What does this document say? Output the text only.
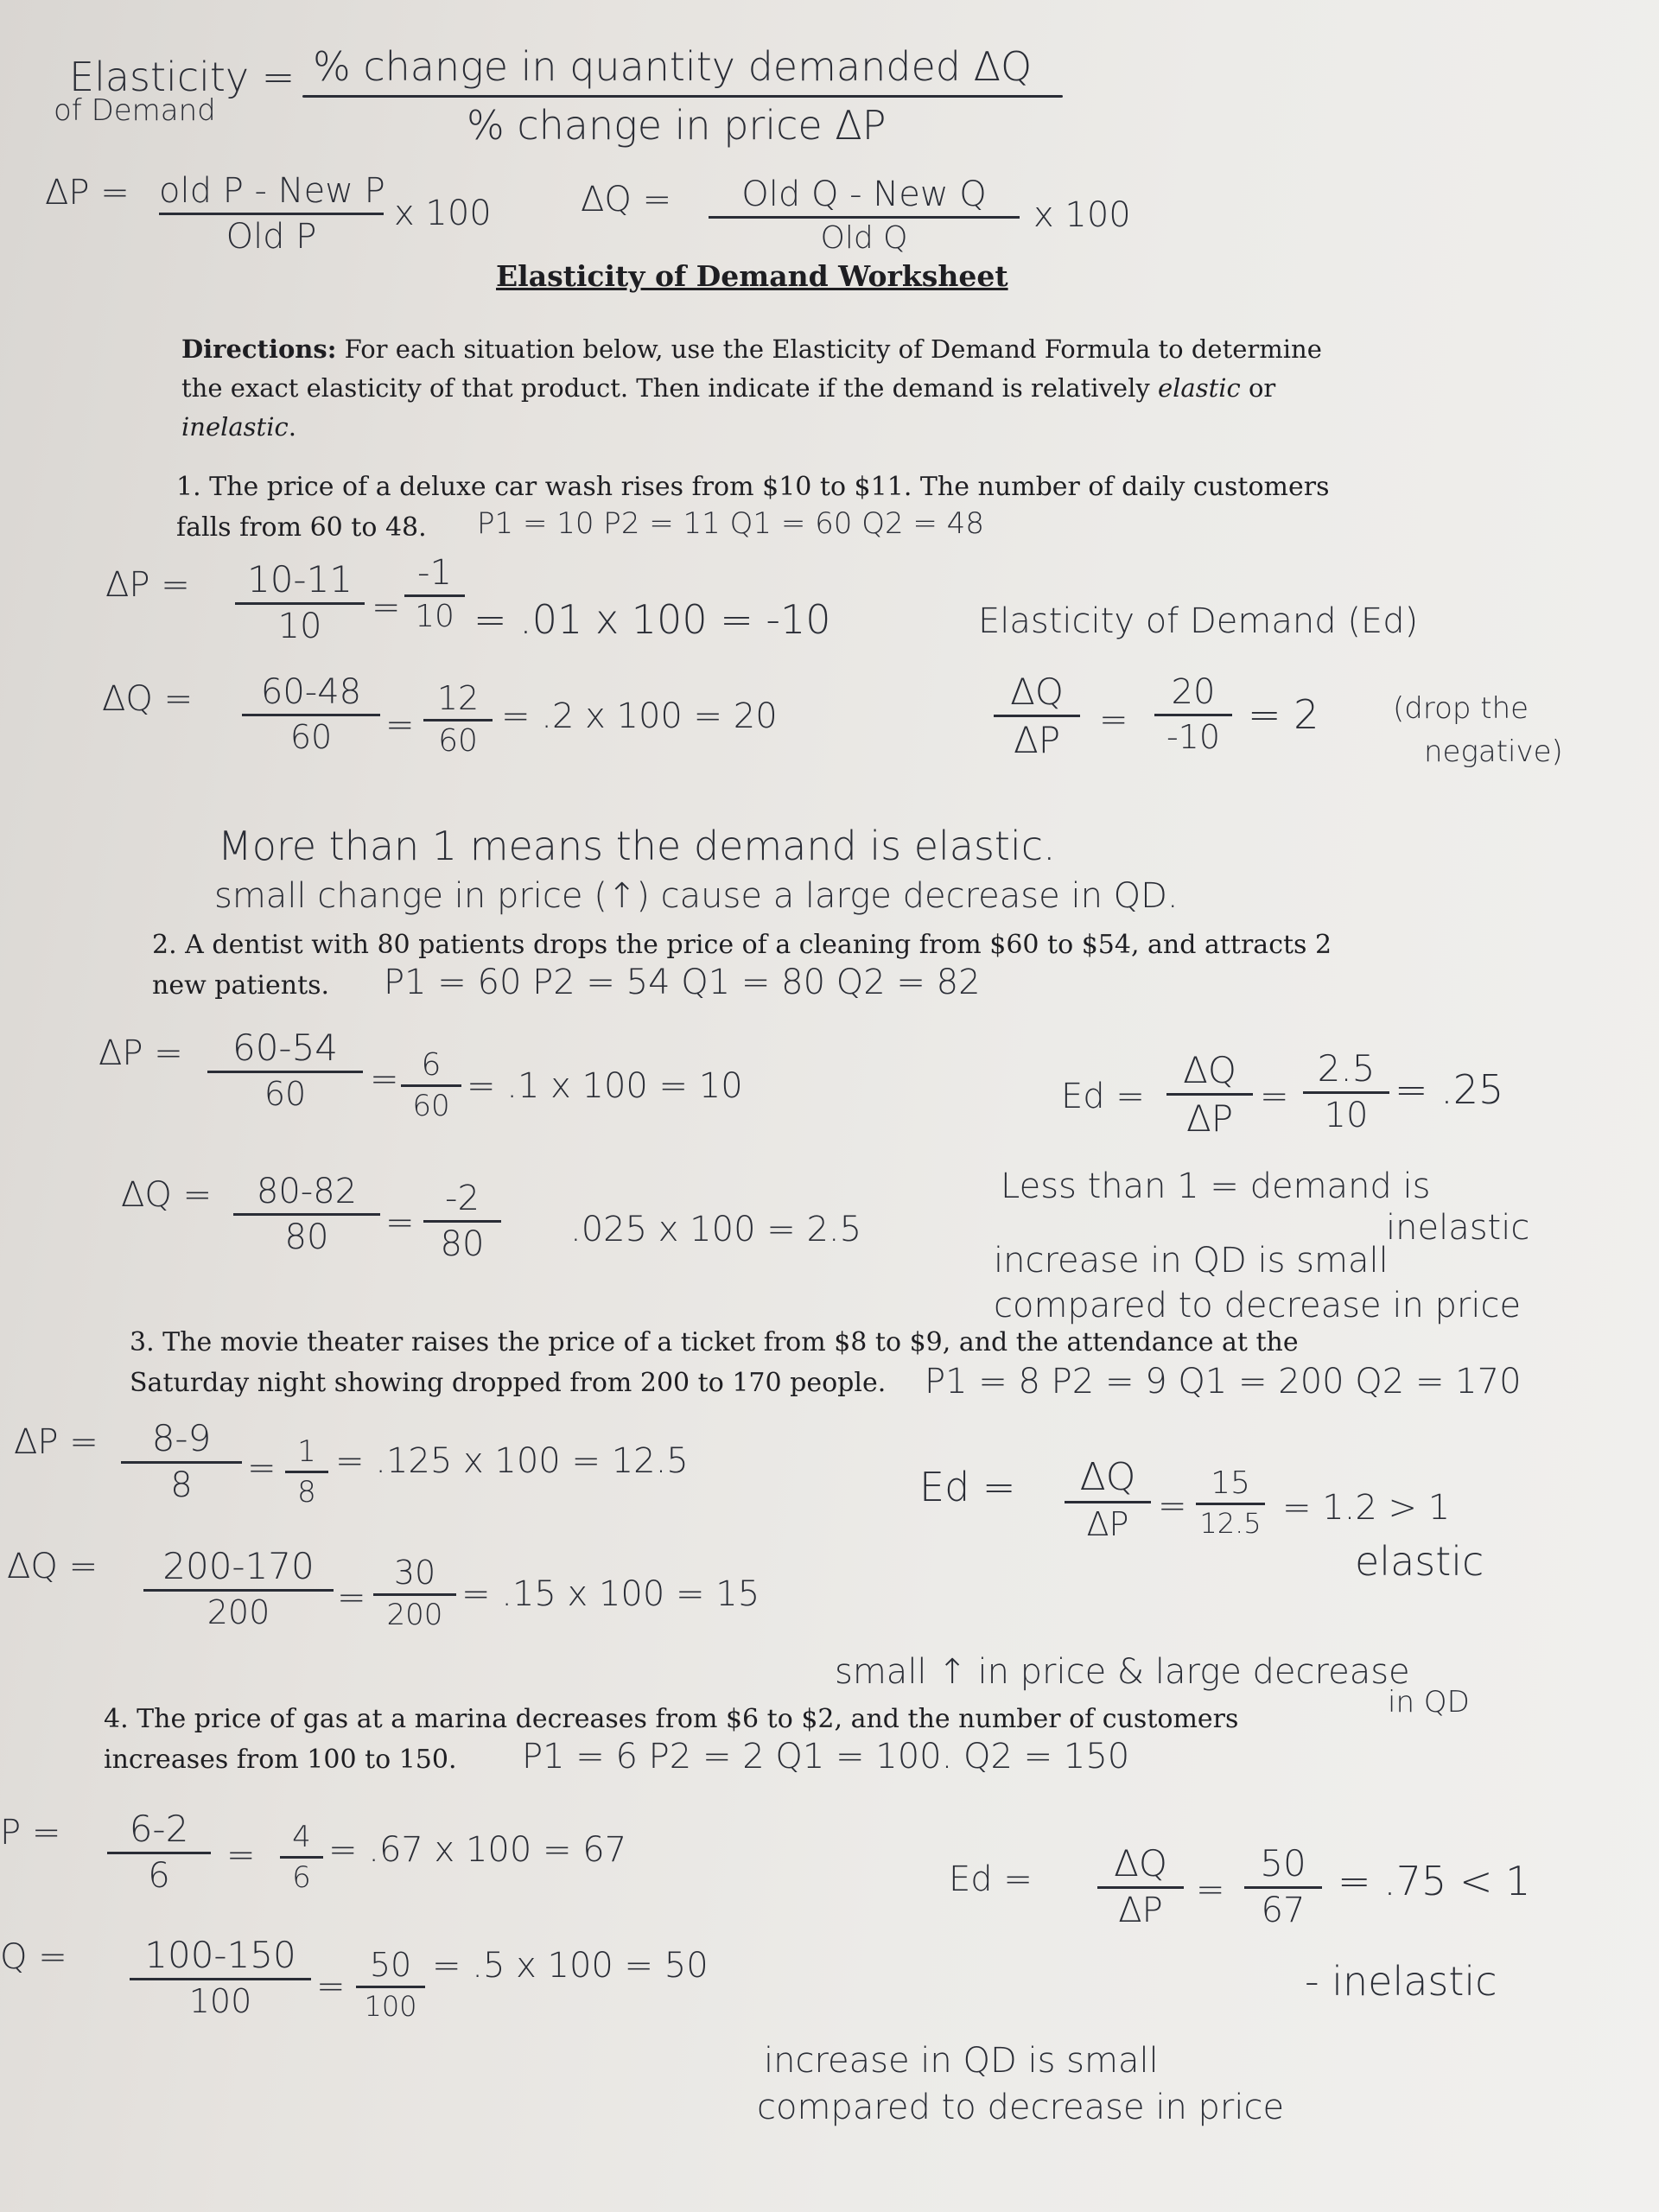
Elasticity =
of Demand
% change in quantity demanded ΔQ
% change in price ΔP
ΔP = old P - New P
Old P
x 100	ΔQ =	Old Q - New Q
Old Q
x 100
Elasticity of Demand Worksheet
Directions: For each situation below, use the Elasticity of Demand Formula to determine the exact elasticity of that product. Then indicate if the demand is relatively elastic or inelastic.
1. The price of a deluxe car wash rises from $10 to $11. The number of daily customers
falls from 60 to 48.	P1 = 10 P2 = 11 Q1 = 60 Q2 = 48
ΔP =	10-11
10	=
-1
10 = .01 x 100 = -10
ΔQ =	60-48
60	=
12
60
= .2 x 100 = 20
Elasticity of Demand (Ed)
ΔQ
ΔP	=
20
-10 = 2	(drop the
negative)
More than 1 means the demand is elastic.
small change in price (↑) cause a large decrease in QD.
2. A dentist with 80 patients drops the price of a cleaning from $60 to $54, and attracts 2
new patients.	P1 = 60 P2 = 54 Q1 = 80 Q2 = 82
ΔP =	60-54
60	= 6
60 = .1 x 100 = 10
ΔQ =	80-82
80	=
-2
80	.025 x 100 = 2.5
Ed =
ΔQ
ΔP
=
2.5
10
= .25
Less than 1 = demand is
inelastic
increase in QD is small
compared to decrease in price
3. The movie theater raises the price of a ticket from $8 to $9, and the attendance at the
Saturday night showing dropped from 200 to 170 people.	P1 = 8 P2 = 9 Q1 = 200 Q2 = 170
ΔP =	8-9
8	= 1
8
= .125 x 100 = 12.5
ΔQ =	200-170
200	=
30
200
= .15 x 100 = 15
Ed =	ΔQ
ΔP =
15
12.5 = 1.2 > 1
elastic
small ↑ in price & large decrease
in QD
4. The price of gas at a marina decreases from $6 to $2, and the number of customers
increases from 100 to 150.	P1 = 6 P2 = 2 Q1 = 100. Q2 = 150
P =	6-2
6
=	4
6
= .67 x 100 = 67
Q =	100-150
100	=
50
100
= .5 x 100 = 50
Ed =	ΔQ
ΔP
=
50
67
= .75 < 1
- inelastic
increase in QD is small
compared to decrease in price
